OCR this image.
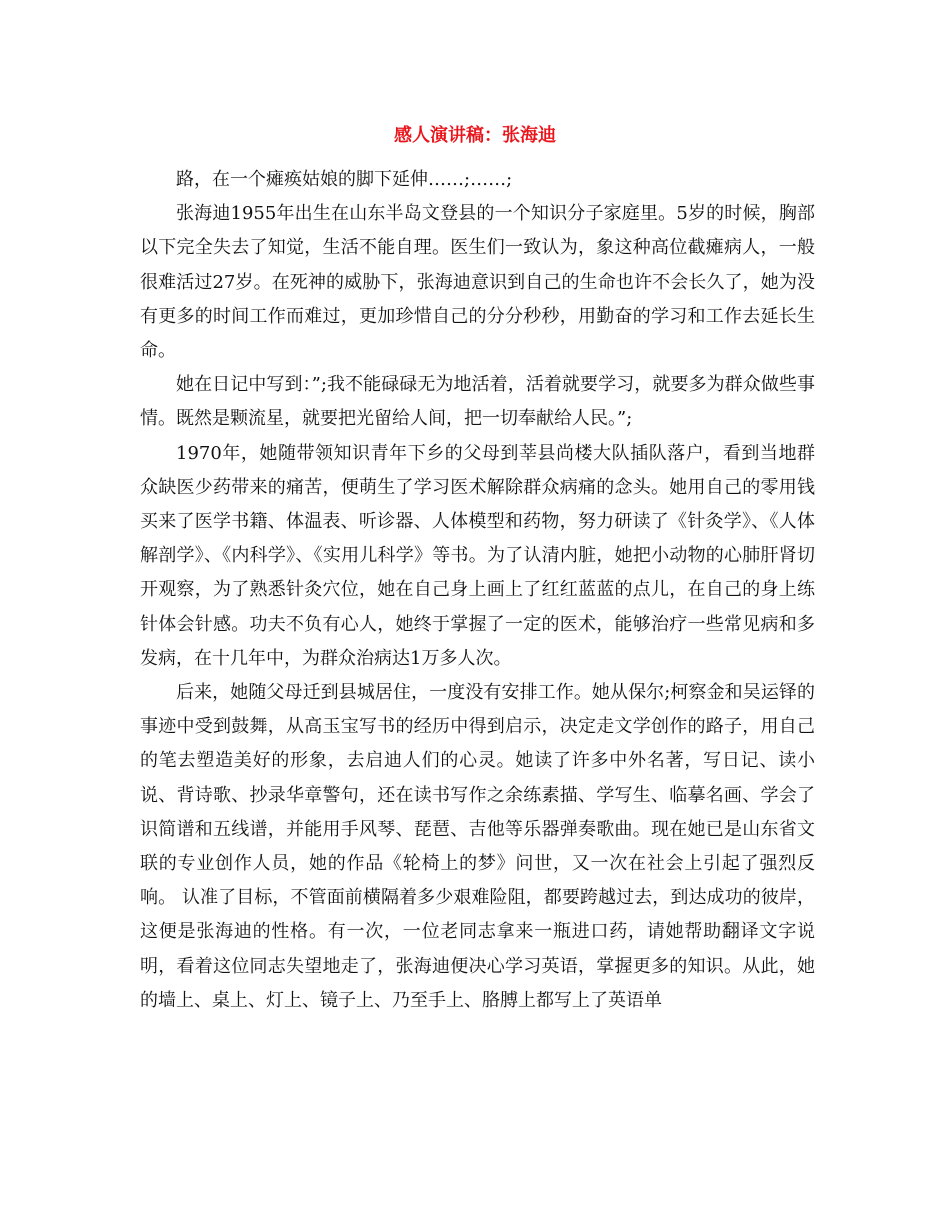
感人演讲稿：张海迪

路，在一个瘫痪姑娘的脚下延伸……;……;

张海迪1955年出生在山东半岛文登县的一个知识分子家庭里。5岁的时候，胸部以下完全失去了知觉，生活不能自理。医生们一致认为，象这种高位截瘫病人，一般很难活过27岁。在死神的威胁下，张海迪意识到自己的生命也许不会长久了，她为没有更多的时间工作而难过，更加珍惜自己的分分秒秒，用勤奋的学习和工作去延长生命。

她在日记中写到：”;我不能碌碌无为地活着，活着就要学习，就要多为群众做些事情。既然是颗流星，就要把光留给人间，把一切奉献给人民。”;

1970年，她随带领知识青年下乡的父母到莘县尚楼大队插队落户，看到当地群众缺医少药带来的痛苦，便萌生了学习医术解除群众病痛的念头。她用自己的零用钱买来了医学书籍、体温表、听诊器、人体模型和药物，努力研读了《针灸学》、《人体解剖学》、《内科学》、《实用儿科学》等书。为了认清内脏，她把小动物的心肺肝肾切开观察，为了熟悉针灸穴位，她在自己身上画上了红红蓝蓝的点儿，在自己的身上练针体会针感。功夫不负有心人，她终于掌握了一定的医术，能够治疗一些常见病和多发病，在十几年中，为群众治病达1万多人次。

后来，她随父母迁到县城居住，一度没有安排工作。她从保尔;柯察金和吴运铎的事迹中受到鼓舞，从高玉宝写书的经历中得到启示，决定走文学创作的路子，用自己的笔去塑造美好的形象，去启迪人们的心灵。她读了许多中外名著，写日记、读小说、背诗歌、抄录华章警句，还在读书写作之余练素描、学写生、临摹名画、学会了识简谱和五线谱，并能用手风琴、琵琶、吉他等乐器弹奏歌曲。现在她已是山东省文联的专业创作人员，她的作品《轮椅上的梦》问世，又一次在社会上引起了强烈反响。 认准了目标，不管面前横隔着多少艰难险阻，都要跨越过去，到达成功的彼岸，这便是张海迪的性格。有一次，一位老同志拿来一瓶进口药，请她帮助翻译文字说明，看着这位同志失望地走了，张海迪便决心学习英语，掌握更多的知识。从此，她的墙上、桌上、灯上、镜子上、乃至手上、胳膊上都写上了英语单
